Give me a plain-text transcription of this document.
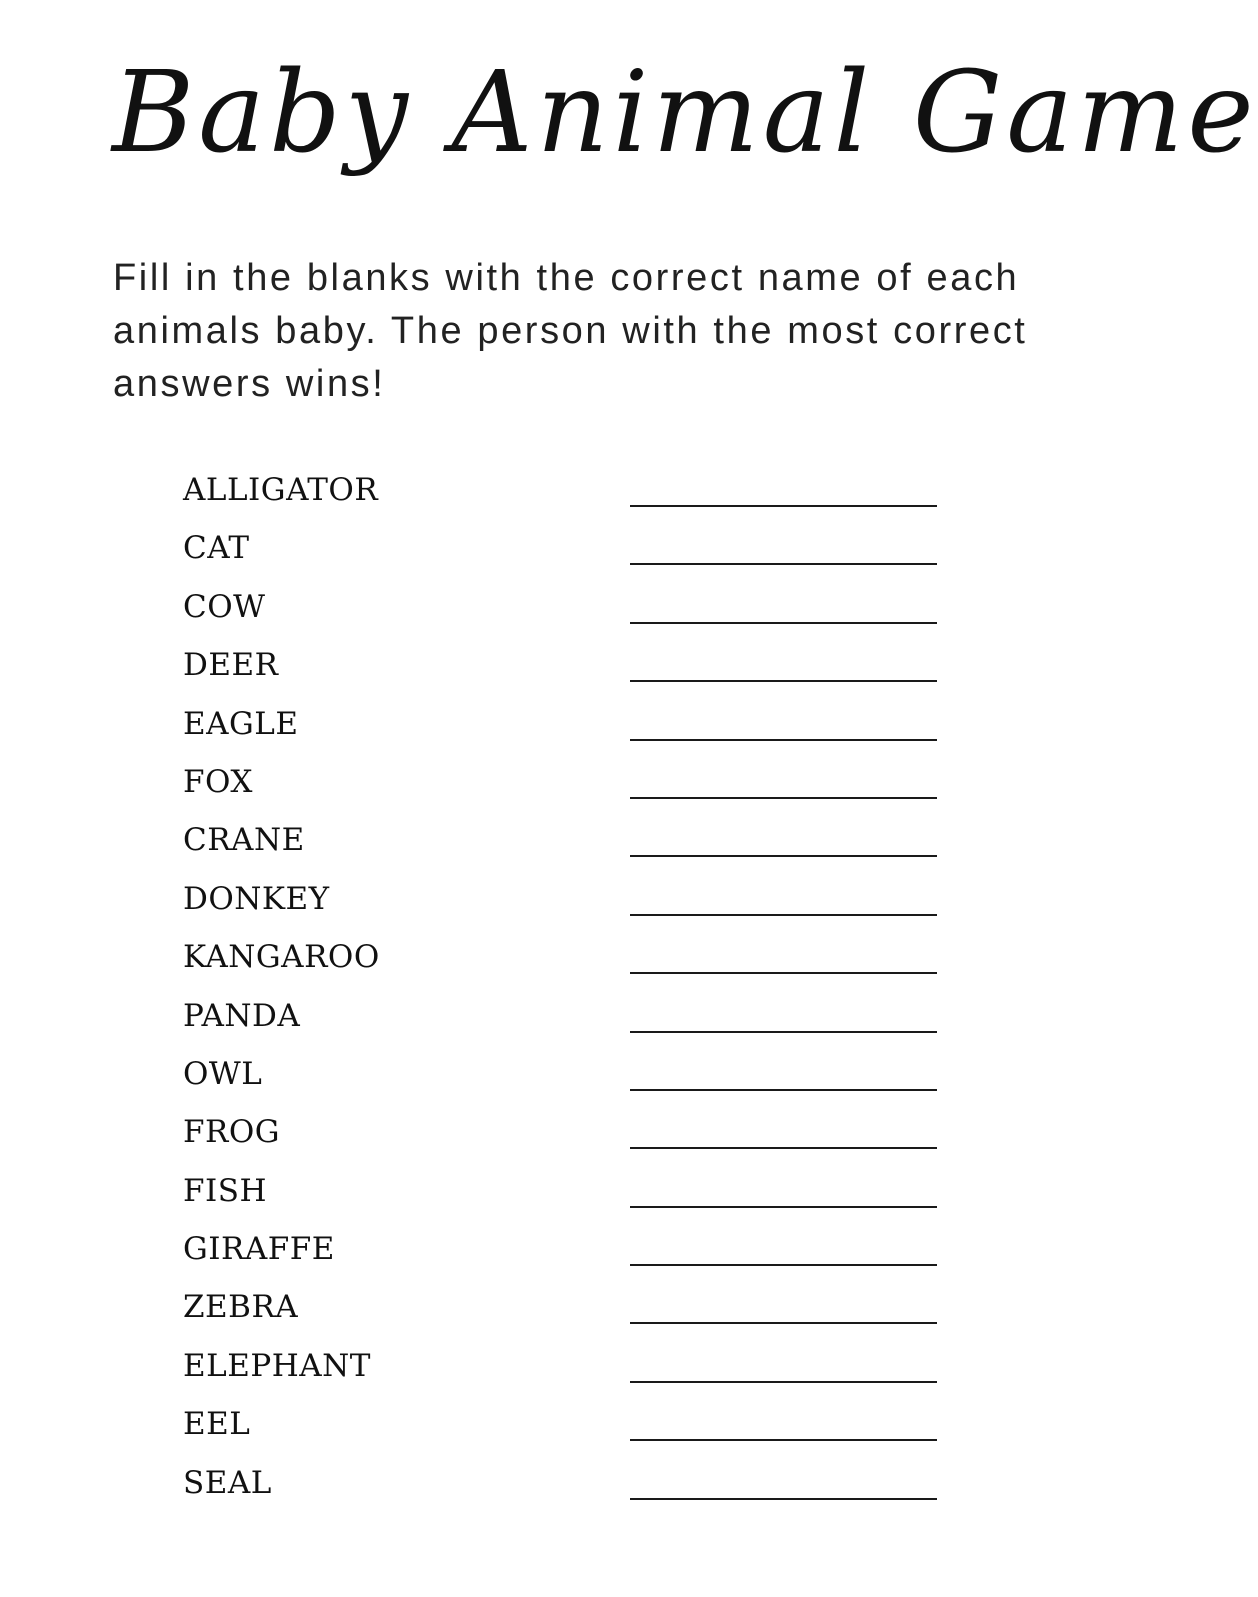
Baby Animal Game

Fill in the blanks with the correct name of each animals baby. The person with the most correct answers wins!

ALLIGATOR
CAT
COW
DEER
EAGLE
FOX
CRANE
DONKEY
KANGAROO
PANDA
OWL
FROG
FISH
GIRAFFE
ZEBRA
ELEPHANT
EEL
SEAL
